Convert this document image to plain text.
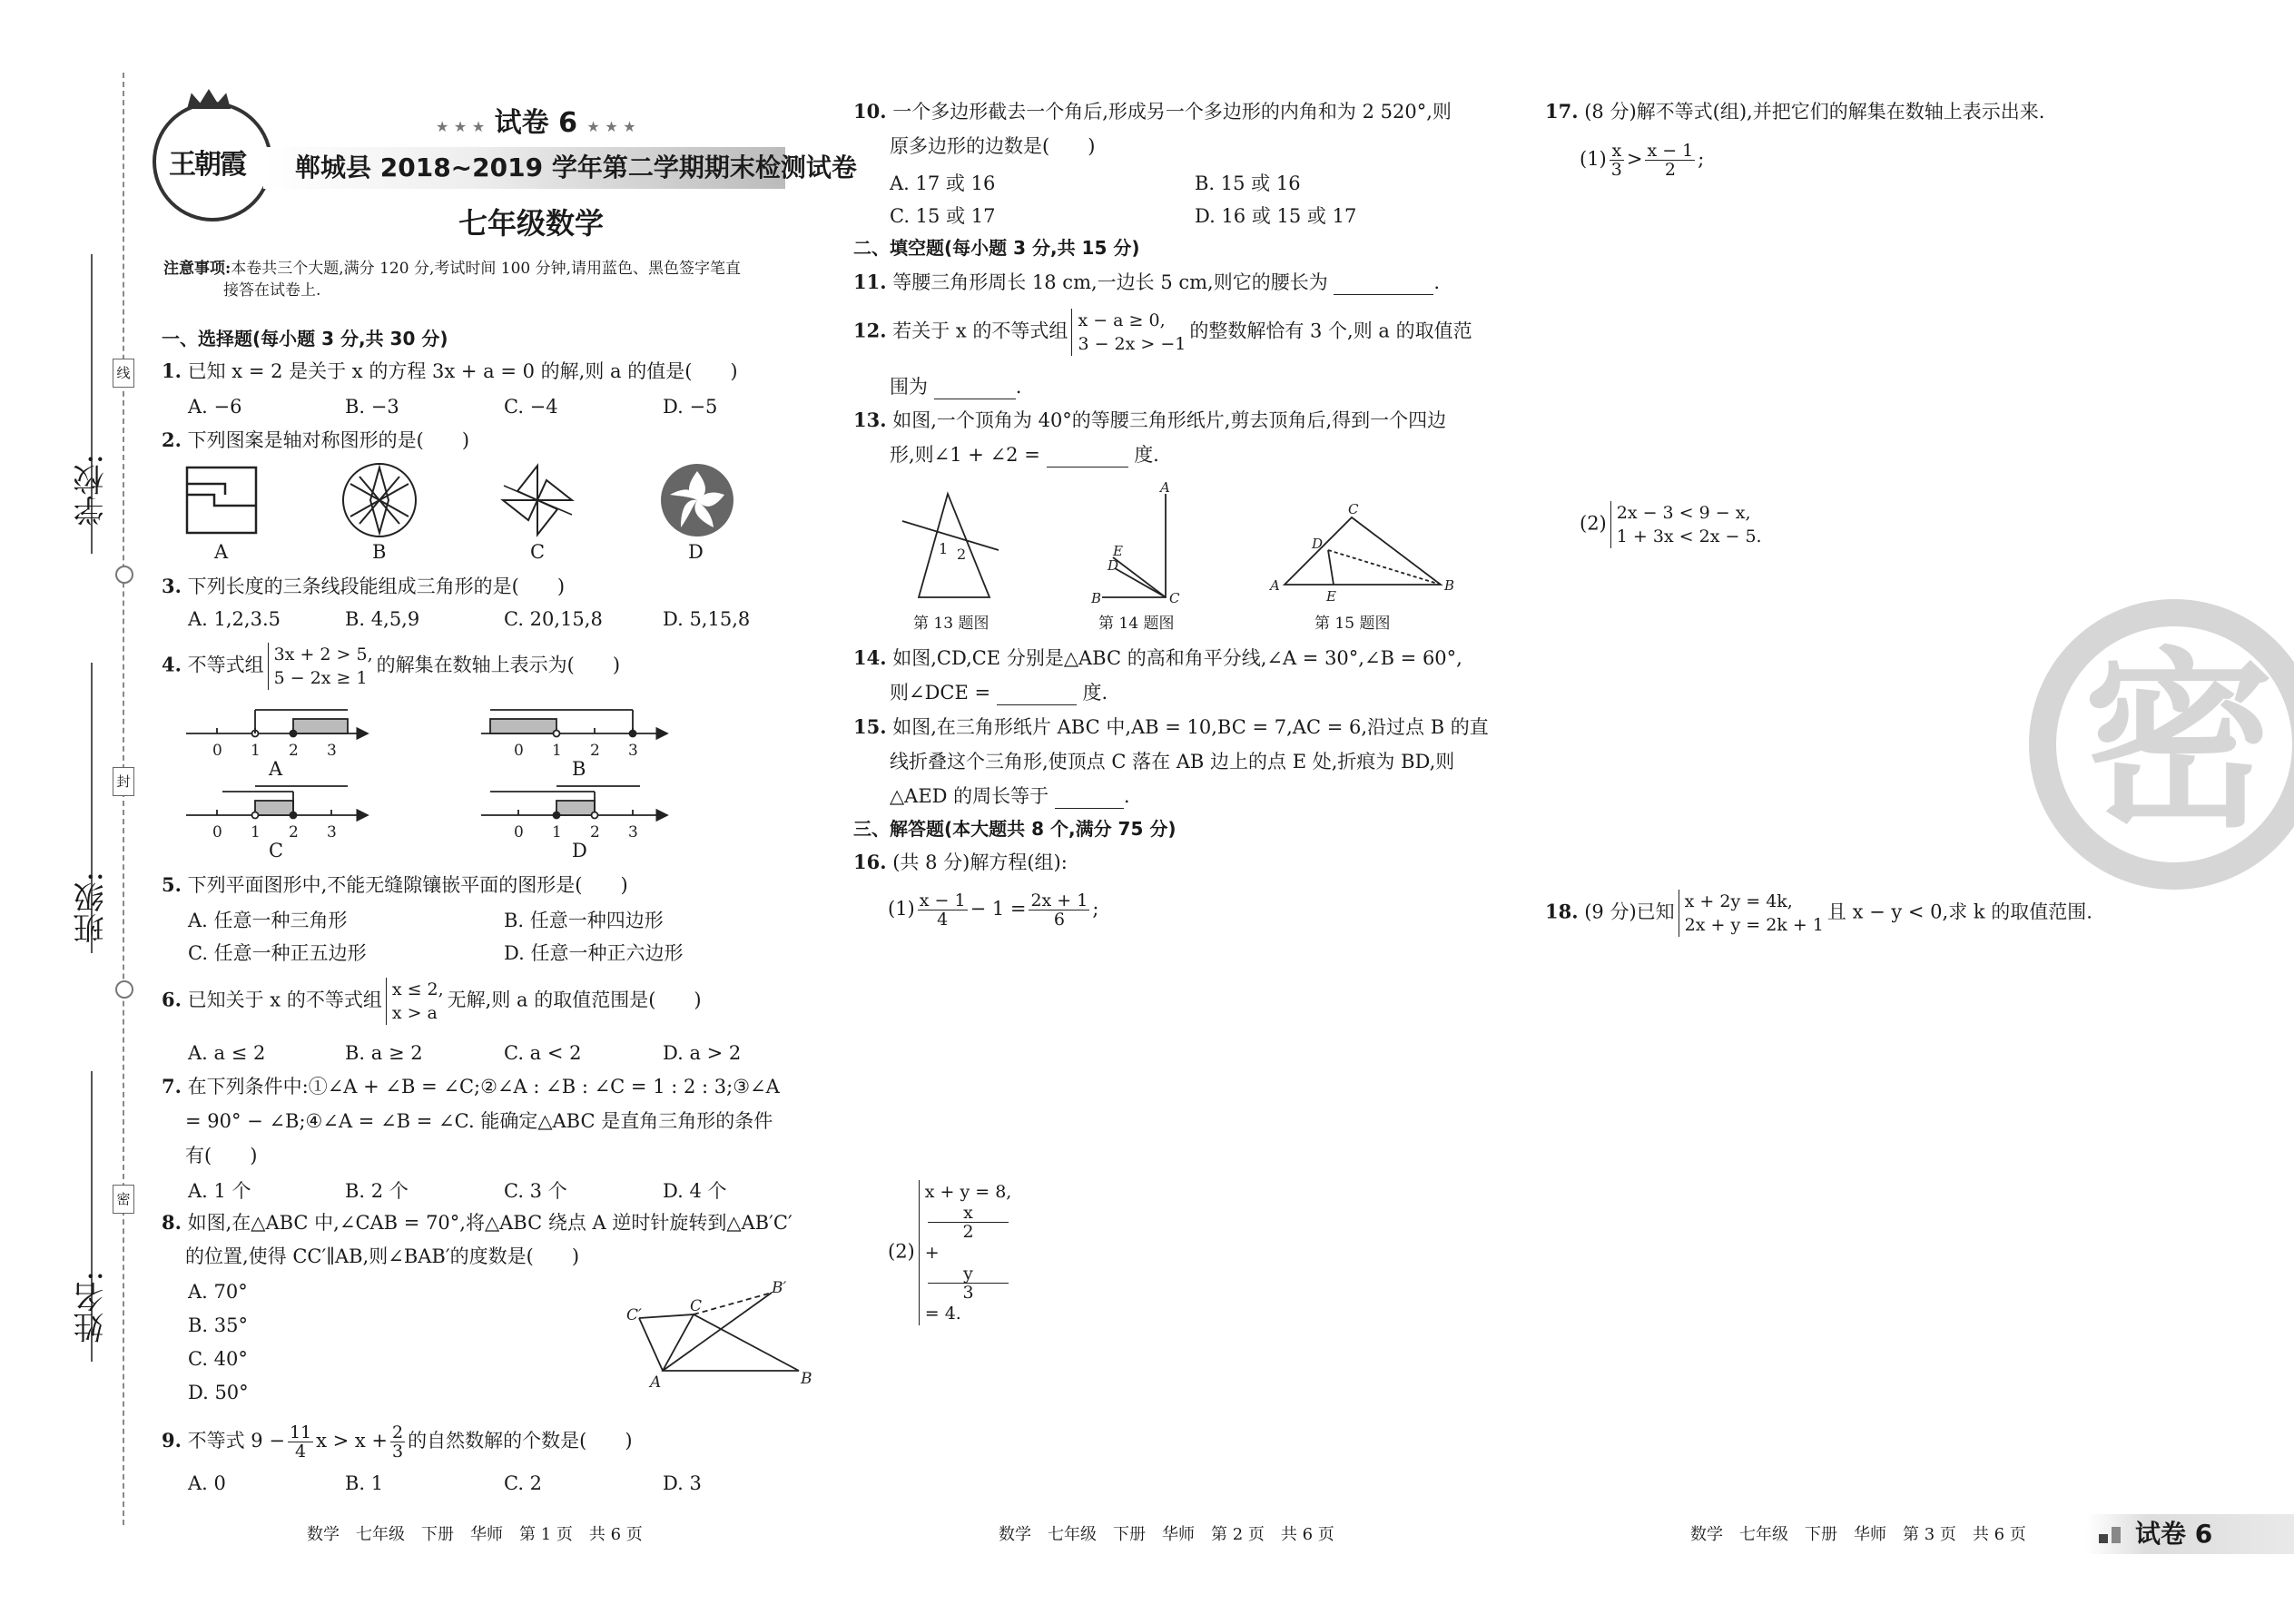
学校:
班级:
姓名:
线
封
密
王朝霞
★ ★ ★ 试卷 6 ★ ★ ★
郸城县 2018~2019 学年第二学期期末检测试卷
七年级数学
注意事项:本卷共三个大题,满分 120 分,考试时间 100 分钟,请用蓝色、黑色签字笔直
接答在试卷上.
一、选择题(每小题 3 分,共 30 分)
1. 已知 x = 2 是关于 x 的方程 3x + a = 0 的解,则 a 的值是(　　)
A. −6	B. −3	C. −4	D. −5
2. 下列图案是轴对称图形的是(　　)
A	B	C	D
3. 下列长度的三条线段能组成三角形的是(　　)
A. 1,2,3.5	B. 4,5,9	C. 20,15,8	D. 5,15,8
4. 不等式组 3x + 2 > 5,
5 − 2x ≥ 1
的解集在数轴上表示为(　　)
0 1 2 3	0 1 2 3
0 1 2 3	0 1 2 3
A	B
C	D
5. 下列平面图形中,不能无缝隙镶嵌平面的图形是(　　)
A. 任意一种三角形	B. 任意一种四边形
C. 任意一种正五边形	D. 任意一种正六边形
6. 已知关于 x 的不等式组 x ≤ 2,
x > a
无解,则 a 的取值范围是(　　)
A. a ≤ 2	B. a ≥ 2	C. a < 2	D. a > 2
7. 在下列条件中:①∠A + ∠B = ∠C;②∠A : ∠B : ∠C = 1 : 2 : 3;③∠A
= 90° − ∠B;④∠A = ∠B = ∠C. 能确定△ABC 是直角三角形的条件
有(　　)
A. 1 个	B. 2 个	C. 3 个	D. 4 个
8. 如图,在△ABC 中,∠CAB = 70°,将△ABC 绕点 A 逆时针旋转到△AB′C′
的位置,使得 CC′∥AB,则∠BAB′的度数是(　　)
A. 70°
B. 35°
C. 40°
D. 50°
C′	C
B′
A	B
9. 不等式 $9 - \frac{11}{4}$ $x > x + \frac{2}{3}$ 的自然数解的个数是(　　)
A. 0	B. 1	C. 2	D. 3
10. 一个多边形截去一个角后,形成另一个多边形的内角和为 2 520°,则
原多边形的边数是(　　)
A. 17 或 16	B. 15 或 16
C. 15 或 17	D. 16 或 15 或 17
二、填空题(每小题 3 分,共 15 分)
11. 等腰三角形周长 18 cm,一边长 5 cm,则它的腰长为	.
12. 若关于 x 的不等式组 x − a ≥ 0,
3 − 2x > −1
的整数解恰有 3 个,则 a 的取值范
围为	.
13. 如图,一个顶角为 40°的等腰三角形纸片,剪去顶角后,得到一个四边
形,则∠1 + ∠2 =	度.
1 2
A
E
D
B	C
C
D
A
E
B
第 13 题图	第 14 题图	第 15 题图
14. 如图,CD,CE 分别是△ABC 的高和角平分线,∠A = 30°,∠B = 60°,
则∠DCE =	度.
15. 如图,在三角形纸片 ABC 中,AB = 10,BC = 7,AC = 6,沿过点 B 的直
线折叠这个三角形,使顶点 C 落在 AB 边上的点 E 处,折痕为 BD,则
△AED 的周长等于	.
三、解答题(本大题共 8 个,满分 75 分)
16. (共 8 分)解方程(组):
$(1) \frac{x - 1}{4} - 1 = \frac{2x + 1}{6}$ ;
(2)
x + y = 8,
x
2
+
y
3
= 4.
17. (8 分)解不等式(组),并把它们的解集在数轴上表示出来.
$(1) \frac{x}{3} > \frac{x - 1}{2}$ ;
(2) 2x − 3 < 9 − x,
1 + 3x < 2x − 5.
18. (9 分)已知 x + 2y = 4k,
2x + y = 2k + 1
且 x − y < 0,求 k 的取值范围.
密
数学　七年级　下册　华师　第 1 页　共 6 页	数学　七年级　下册　华师　第 2 页　共 6 页	数学　七年级　下册　华师　第 3 页　共 6 页	试卷 6
